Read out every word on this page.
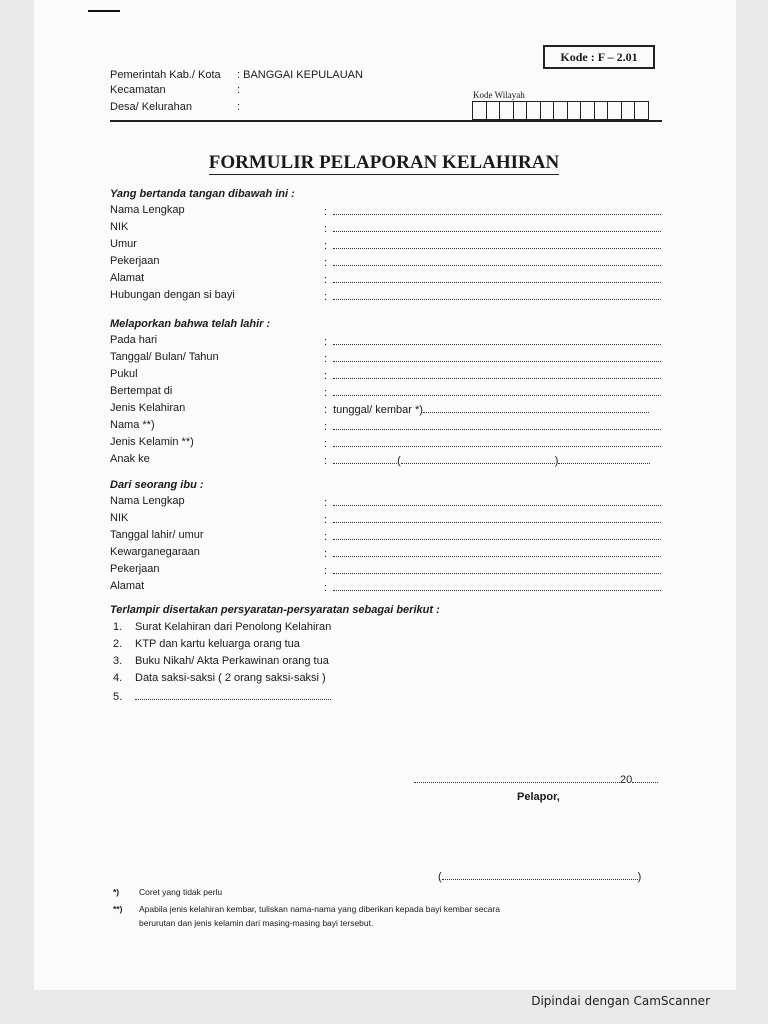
Kode : F – 2.01
Kode Wilayah
Pemerintah Kab./ Kota : BANGGAI KEPULAUAN
Kecamatan	:
Desa/ Kelurahan	:
FORMULIR PELAPORAN KELAHIRAN
Yang bertanda tangan dibawah ini :
Nama Lengkap	:
NIK	:
Umur	:
Pekerjaan	:
Alamat	:
Hubungan dengan si bayi	:
Melaporkan bahwa telah lahir :
Pada hari	:
Tanggal/ Bulan/ Tahun	:
Pukul	:
Bertempat di	:
Jenis Kelahiran	: tunggal/ kembar *)
Nama **)	:
Jenis Kelamin **)	:
Anak ke	:	(	)
Dari seorang ibu :
Nama Lengkap	:
NIK	:
Tanggal lahir/ umur	:
Kewarganegaraan	:
Pekerjaan	:
Alamat	:
Terlampir disertakan persyaratan-persyaratan sebagai berikut :
1. Surat Kelahiran dari Penolong Kelahiran
2. KTP dan kartu keluarga orang tua
3. Buku Nikah/ Akta Perkawinan orang tua
4. Data saksi-saksi ( 2 orang saksi-saksi )
5.
20
Pelapor,
(	)
*) Coret yang tidak perlu
**) Apabila jenis kelahiran kembar, tuliskan nama-nama yang diberikan kepada bayi kembar secara
berurutan dan jenis kelamin dari masing-masing bayi tersebut.
Dipindai dengan CamScanner
